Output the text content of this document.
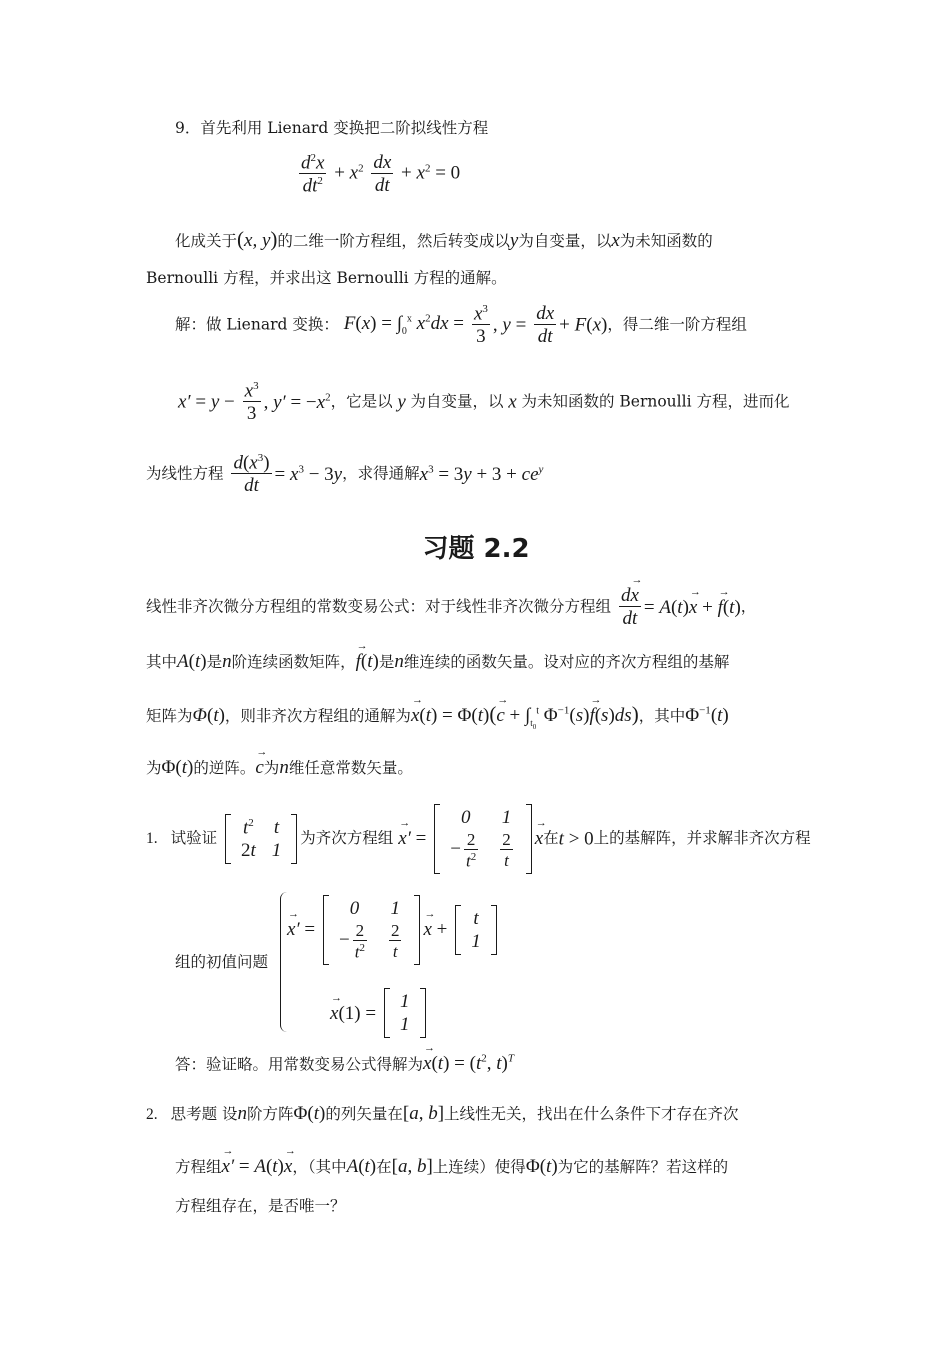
9．首先利用 Lienard 变换把二阶拟线性方程
$\frac{d^2x}{dt^2} + x^2 \frac{dx}{dt} + x^2 = 0$
化成关于(x, y)的二维一阶方程组，然后转变成以y为自变量，以x为未知函数的
Bernoulli 方程，并求出这 Bernoulli 方程的通解。
解：做 Lienard 变换： $F(x) = \int_0^x$ $x^2dx = \frac{x^3}{3}$ , $y = \frac{dx}{dt} + F(x)$，得二维一阶方程组
$x' = y - \frac{x^3}{3}$ , $y' = -x^2$，它是以 y 为自变量，以 x 为未知函数的 Bernoulli 方程，进而化
为线性方程 $\frac{d(x^3)}{dt} = x^3 - 3y$，求得通解$x^3 = 3y + 3 + ce^y$
习题 2.2
线性非齐次微分方程组的常数变易公式：对于线性非齐次微分方程组 $\frac{d\to x}{dt} = A(t)\to x$ + → f(t)，
其中A(t)是n阶连续函数矩阵，→ f(t)是n维连续的函数矢量。设对应的齐次方程组的基解
矩阵为Φ(t)，则非齐次方程组的通解为→ $x(t) = \Phi(t)(\to c + \int_{t_0}^t$ $\Phi^{-1}(s)\to f(s)ds$)，其中$\Phi^{-1}(t)$
为Φ(t)的逆阵。→ c为n维任意常数矢量。
1. 试验证
$t^2$	t
2t	1
为齐次方程组 → x′ =
0	1
− $\frac{2}{t^2}$	$\frac{2}{t} \to x$在t > 0上的基解阵，并求解非齐次方程
组的初值问题
→ x′ =
0	1
− $\frac{2}{t^2}$	$\frac{2}{t} \to x$ +
t
1
→ x(1) =
1
1
答：验证略。用常数变易公式得解为→ $x(t) = (t^2$, t)$^T$
2. 思考题 设n阶方阵Φ(t)的列矢量在[a, b]上线性无关，找出在什么条件下才存在齐次
方程组→ x′ = A(t)→ x，（其中A(t)在[a, b]上连续）使得Φ(t)为它的基解阵？若这样的
方程组存在，是否唯一？
